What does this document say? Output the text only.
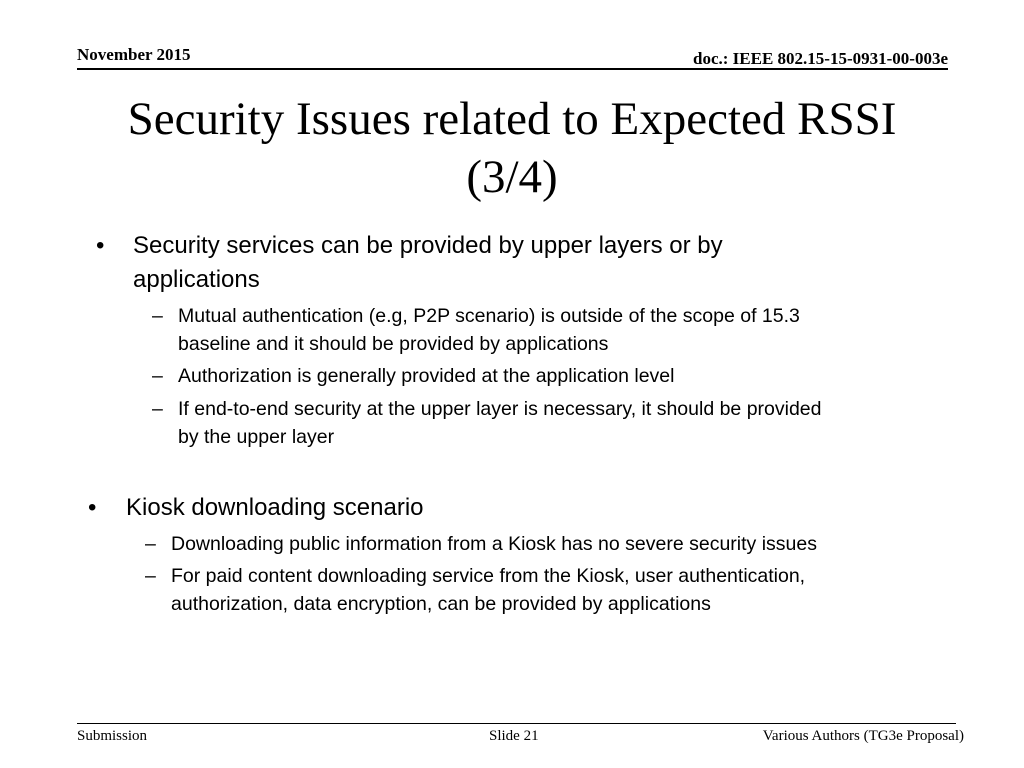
November 2015	doc.: IEEE 802.15-15-0931-00-003e
Security Issues related to Expected RSSI
(3/4)
• Security services can be provided by upper layers or by
applications
– Mutual authentication (e.g, P2P scenario) is outside of the scope of 15.3
baseline and it should be provided by applications
– Authorization is generally provided at the application level
– If end-to-end security at the upper layer is necessary, it should be provided
by the upper layer
• Kiosk downloading scenario
– Downloading public information from a Kiosk has no severe security issues
– For paid content downloading service from the Kiosk, user authentication,
authorization, data encryption, can be provided by applications
Submission	Slide 21	Various Authors (TG3e Proposal)
